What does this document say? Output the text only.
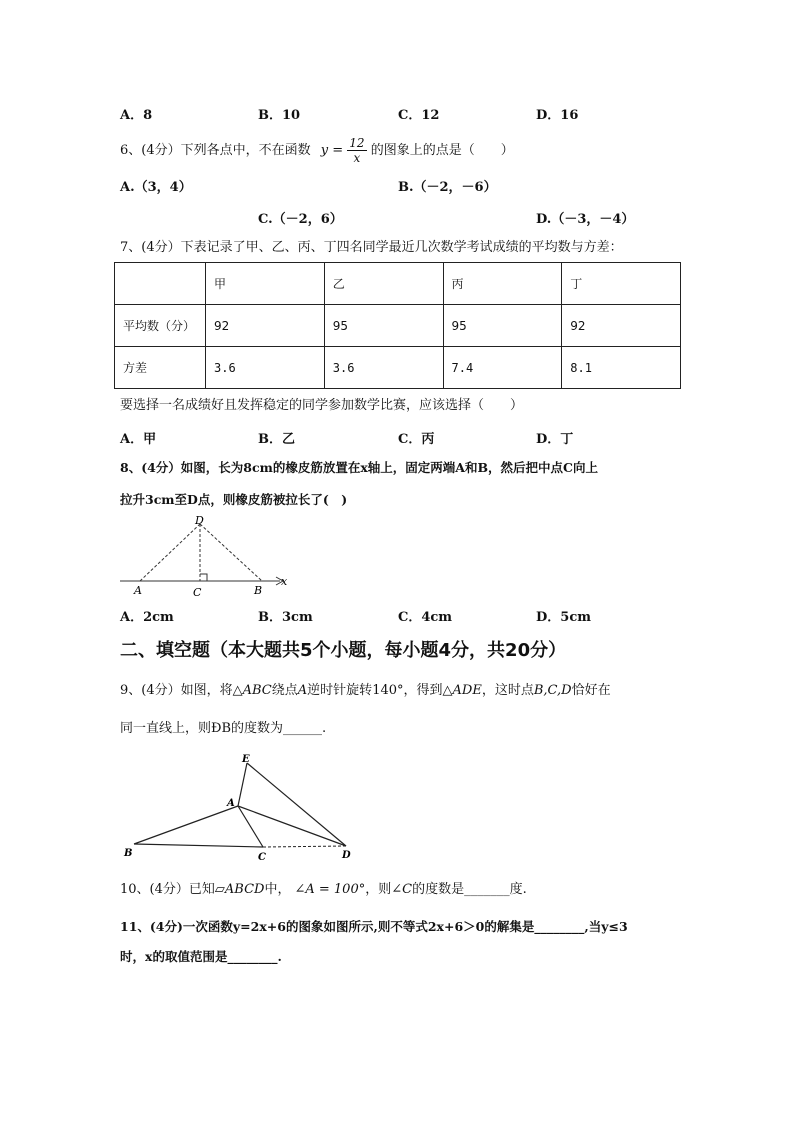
A．8	B．10	C．12	D．16
6、(4分）下列各点中，不在函数 $y = \frac{12}{x}$ 的图象上的点是（　　）
A.（3，4）	B.（－2，－6）
C.（－2，6）	D.（－3，－4）
7、(4分）下表记录了甲、乙、丙、丁四名同学最近几次数学考试成绩的平均数与方差：
	甲	乙	丙	丁
平均数（分）	92	95	95	92
方差	3.6	3.6	7.4	8.1
要选择一名成绩好且发挥稳定的同学参加数学比赛，应该选择（　　）
A．甲	B．乙	C．丙	D．丁
8、(4分）如图，长为8cm的橡皮筋放置在x轴上，固定两端A和B，然后把中点C向上
拉升3cm至D点，则橡皮筋被拉长了(　)
D
A	C	B
x
A．2cm	B．3cm	C．4cm	D．5cm
二、填空题（本大题共5个小题，每小题4分，共20分）
9、(4分）如图，将△ABC绕点A逆时针旋转140°，得到△ADE，这时点B,C,D恰好在
同一直线上，则ÐB的度数为______.
E
A
B	C	D
10、(4分）已知▱ABCD中， ∠A = 100°，则∠C的度数是_______度.
11、(4分)一次函数y=2x+6的图象如图所示,则不等式2x+6＞0的解集是________,当y≤3
时，x的取值范围是________.
